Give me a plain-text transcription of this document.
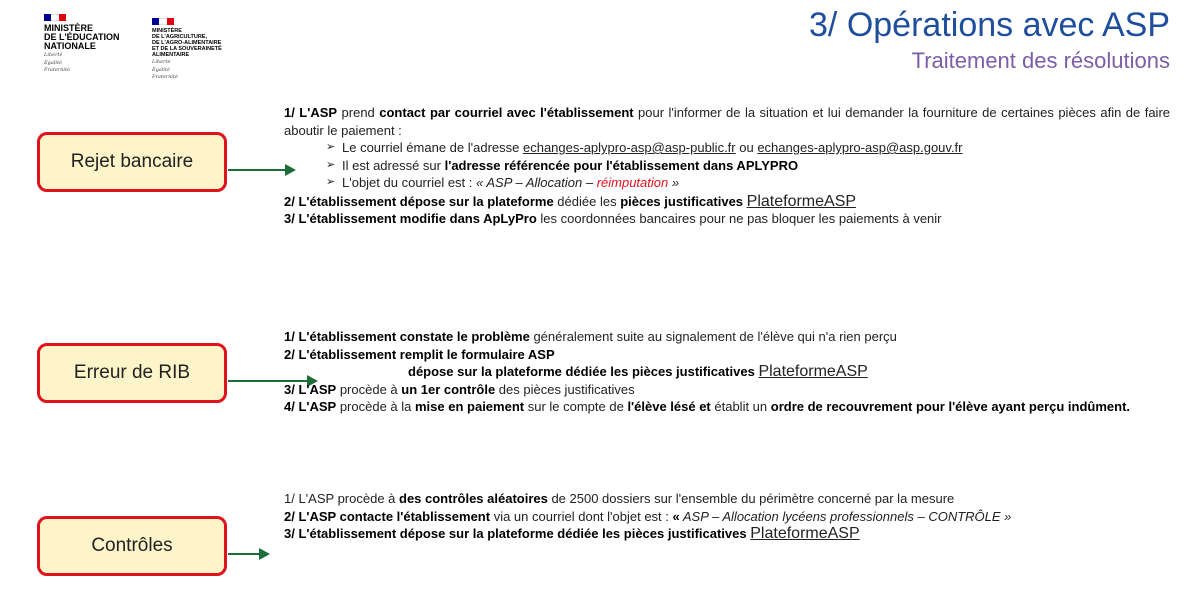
MINISTÈRE
DE L'ÉDUCATION
NATIONALE
Liberté
Égalité
Fraternité
MINISTÈRE
DE L'AGRICULTURE,
DE L'AGRO-ALIMENTAIRE
ET DE LA SOUVERAINETÉ
ALIMENTAIRE
Liberté
Égalité
Fraternité
3/ Opérations avec ASP
Traitement des résolutions
Rejet bancaire
Erreur de RIB
Contrôles
1/ L'ASP prend contact par courriel avec l'établissement pour l'informer de la situation et lui demander la fourniture de certaines pièces afin de faire aboutir le paiement :
➢ Le courriel émane de l'adresse echanges-aplypro-asp@asp-public.fr ou echanges-aplypro-asp@asp.gouv.fr
➢ Il est adressé sur l'adresse référencée pour l'établissement dans APLYPRO
➢ L'objet du courriel est : « ASP – Allocation – réimputation »
2/ L'établissement dépose sur la plateforme dédiée les pièces justificatives PlateformeASP
3/ L'établissement modifie dans ApLyPro les coordonnées bancaires pour ne pas bloquer les paiements à venir
1/ L'établissement constate le problème généralement suite au signalement de l'élève qui n'a rien perçu
2/ L'établissement remplit le formulaire ASP
dépose sur la plateforme dédiée les pièces justificatives PlateformeASP
3/ L'ASP procède à un 1er contrôle des pièces justificatives
4/ L'ASP procède à la mise en paiement sur le compte de l'élève lésé et établit un ordre de recouvrement pour l'élève ayant perçu indûment.
1/ L'ASP procède à des contrôles aléatoires de 2500 dossiers sur l'ensemble du périmètre concerné par la mesure
2/ L'ASP contacte l'établissement via un courriel dont l'objet est : « ASP – Allocation lycéens professionnels – CONTRÔLE »
3/ L'établissement dépose sur la plateforme dédiée les pièces justificatives PlateformeASP
